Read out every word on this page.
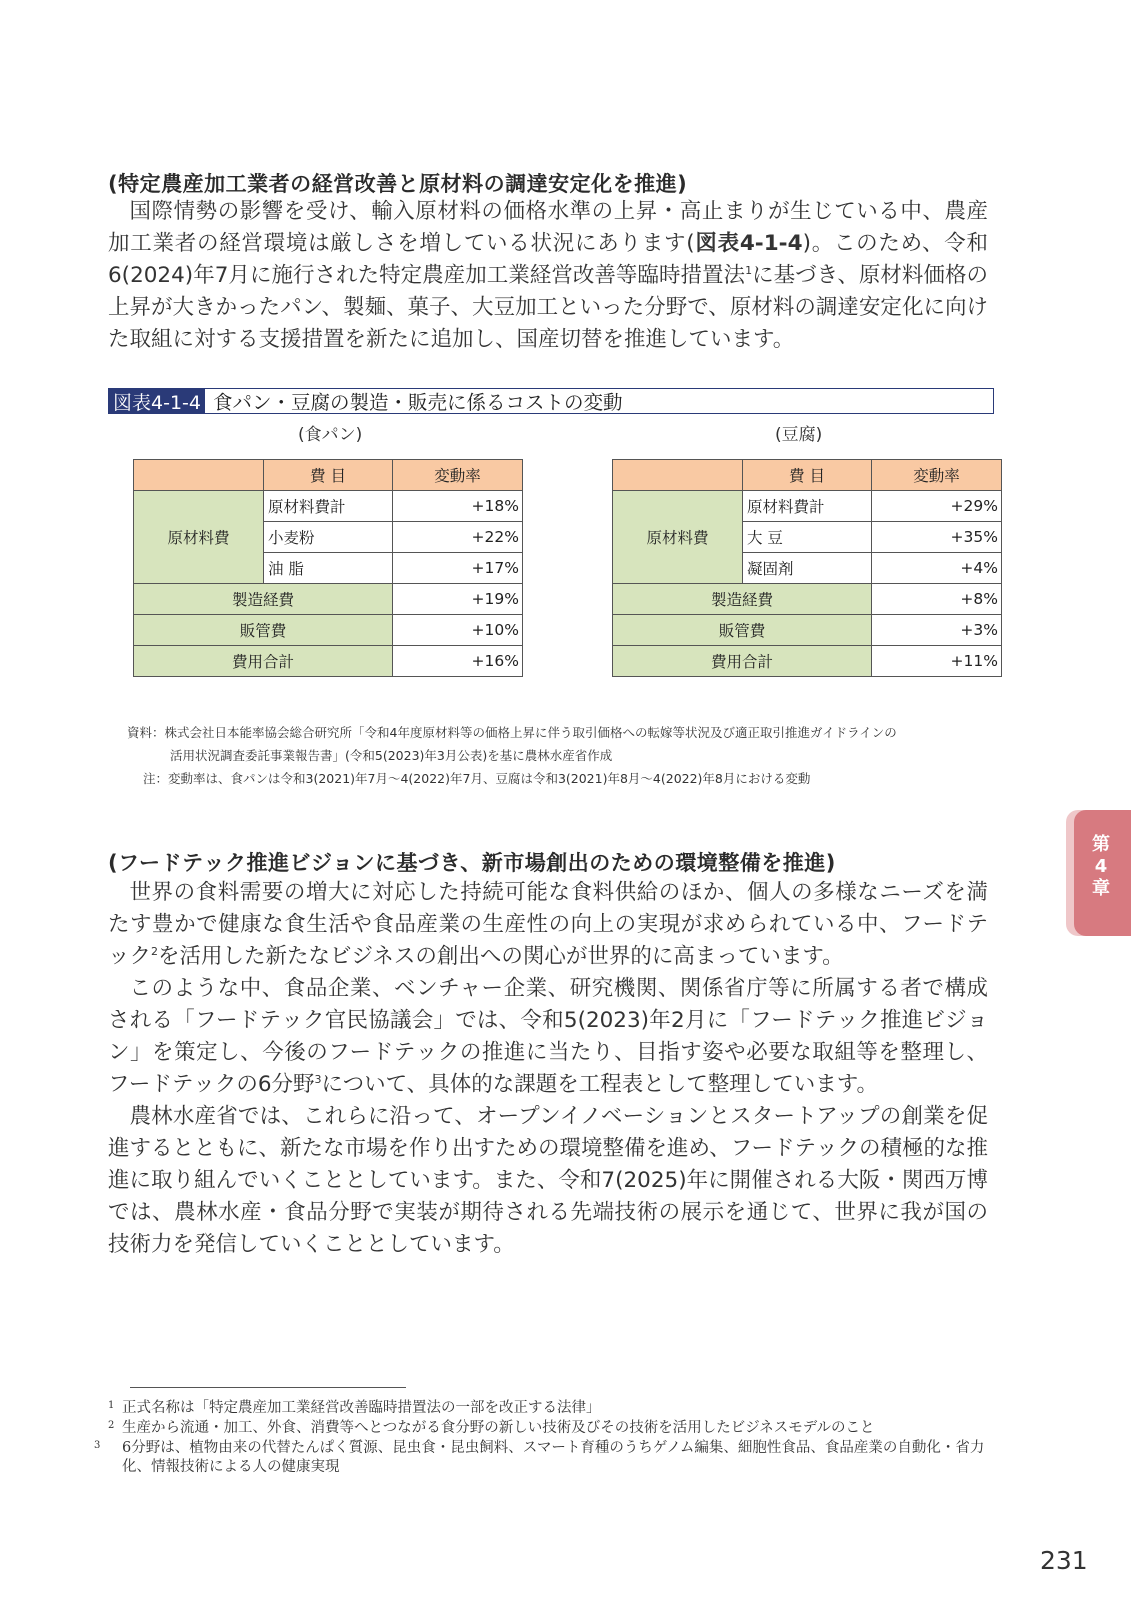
(特定農産加工業者の経営改善と原材料の調達安定化を推進)

国際情勢の影響を受け、輸入原材料の価格水準の上昇・高止まりが生じている中、農産加工業者の経営環境は厳しさを増している状況にあります(図表4-1-4)。このため、令和6(2024)年7月に施行された特定農産加工業経営改善等臨時措置法$^1$に基づき、原材料価格の上昇が大きかったパン、製麺、菓子、大豆加工といった分野で、原材料の調達安定化に向けた取組に対する支援措置を新たに追加し、国産切替を推進しています。

図表4-1-4 食パン・豆腐の製造・販売に係るコストの変動
(食パン)	(豆腐)
	費 目	変動率
原材料費	原材料費計	+18%
	小麦粉	+22%
	油 脂	+17%
製造経費		+19%
販管費		+10%
費用合計		+16%
	費 目	変動率
原材料費	原材料費計	+29%
	大 豆	+35%
	凝固剤	+4%
製造経費		+8%
販管費		+3%
費用合計		+11%
資料：株式会社日本能率協会総合研究所「令和4年度原材料等の価格上昇に伴う取引価格への転嫁等状況及び適正取引推進ガイドラインの
活用状況調査委託事業報告書」(令和5(2023)年3月公表)を基に農林水産省作成
注：変動率は、食パンは令和3(2021)年7月～4(2022)年7月、豆腐は令和3(2021)年8月～4(2022)年8月における変動
第
4
章
(フードテック推進ビジョンに基づき、新市場創出のための環境整備を推進)

世界の食料需要の増大に対応した持続可能な食料供給のほか、個人の多様なニーズを満たす豊かで健康な食生活や食品産業の生産性の向上の実現が求められている中、フードテック$^2$を活用した新たなビジネスの創出への関心が世界的に高まっています。

このような中、食品企業、ベンチャー企業、研究機関、関係省庁等に所属する者で構成される「フードテック官民協議会」では、令和5(2023)年2月に「フードテック推進ビジョン」を策定し、今後のフードテックの推進に当たり、目指す姿や必要な取組等を整理し、フードテックの6分野$^3$について、具体的な課題を工程表として整理しています。

農林水産省では、これらに沿って、オープンイノベーションとスタートアップの創業を促進するとともに、新たな市場を作り出すための環境整備を進め、フードテックの積極的な推進に取り組んでいくこととしています。また、令和7(2025)年に開催される大阪・関西万博では、農林水産・食品分野で実装が期待される先端技術の展示を通じて、世界に我が国の技術力を発信していくこととしています。

1 正式名称は「特定農産加工業経営改善臨時措置法の一部を改正する法律」
2 生産から流通・加工、外食、消費等へとつながる食分野の新しい技術及びその技術を活用したビジネスモデルのこと
3 6分野は、植物由来の代替たんぱく質源、昆虫食・昆虫飼料、スマート育種のうちゲノム編集、細胞性食品、食品産業の自動化・省力化、情報技術による人の健康実現
231
